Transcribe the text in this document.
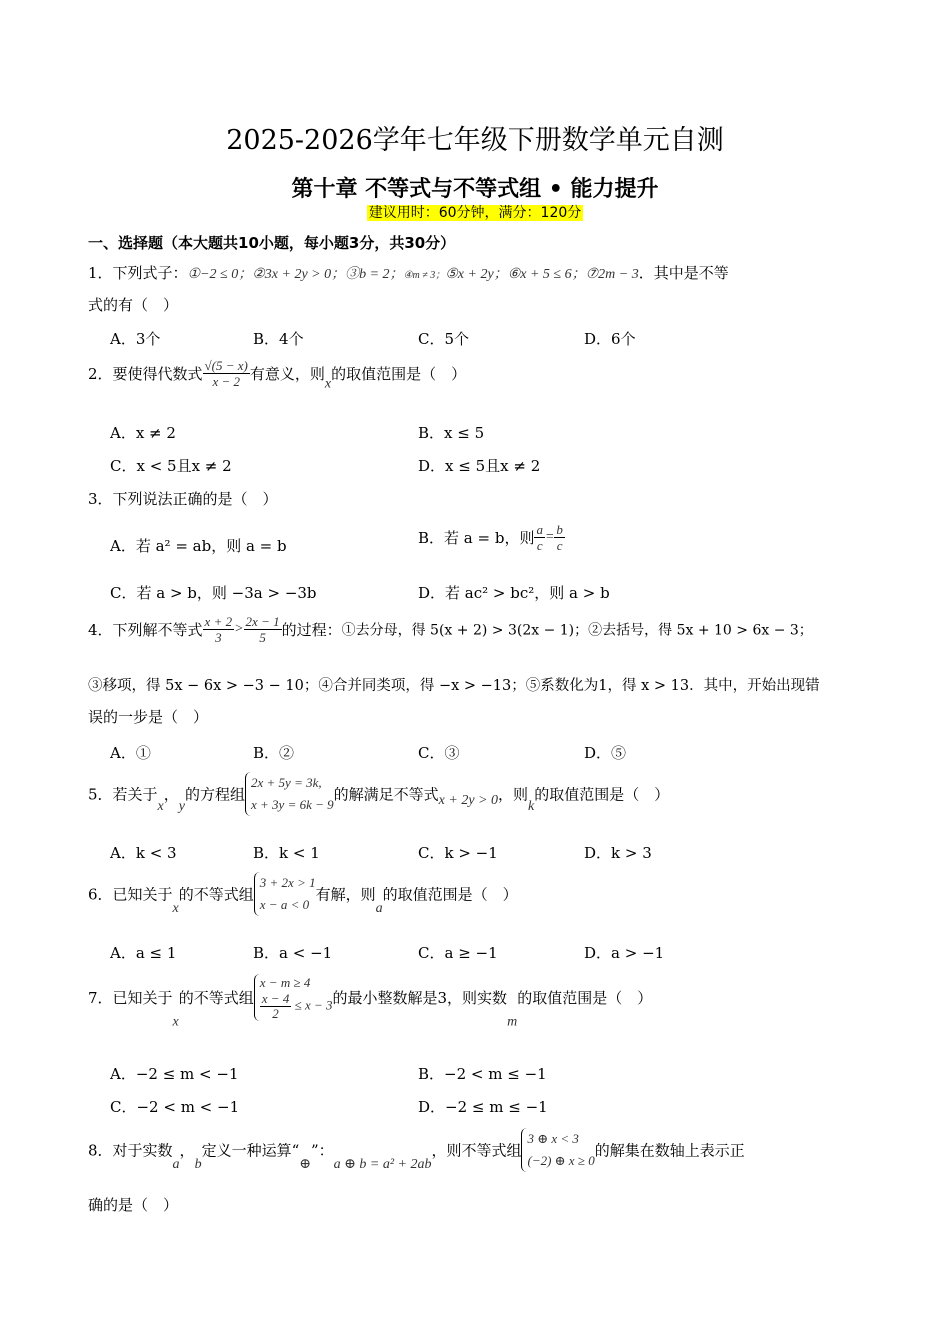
2025-2026学年七年级下册数学单元自测
第十章 不等式与不等式组 • 能力提升
建议用时：60分钟，满分：120分
一、选择题（本大题共10小题，每小题3分，共30分）
1．下列式子：①−2 ≤ 0；②3x + 2y > 0；③b = 2；④m ≠ 3；⑤x + 2y；⑥x + 5 ≤ 6；⑦2m − 3．其中是不等
式的有（　）
A．3个	B．4个	C．5个	D．6个
2．要使得代数式 $\frac{√(5 - x)}{x - 2}$ 有意义，则x的取值范围是（　）
A．x ≠ 2	B．x ≤ 5
C．x < 5且x ≠ 2	D．x ≤ 5且x ≠ 2
3．下列说法正确的是（　）
A．若 a² = ab，则 a = b	B．若 a = b，则 $\frac{a}{c} = \frac{b}{c}$
C．若 a > b，则 −3a > −3b	D．若 ac² > bc²，则 a > b
4．下列解不等式 $\frac{x + 2}{3} > \frac{2x - 1}{5}$ 的过程：①去分母，得 5(x + 2) > 3(2x − 1)；②去括号，得 5x + 10 > 6x − 3；
③移项，得 5x − 6x > −3 − 10；④合并同类项，得 −x > −13；⑤系数化为1，得 x > 13．其中，开始出现错
误的一步是（　）
A．①	B．②	C．③	D．⑤
5．若关于x，y的方程组2x + 5y = 3k,
x + 3y = 6k − 9的解满足不等式x + 2y > 0，则k的取值范围是（　）
A．k < 3	B．k < 1	C．k > −1	D．k > 3
6．已知关于x的不等式组3 + 2x > 1
x − a < 0有解，则a的取值范围是（　）
A．a ≤ 1	B．a < −1	C．a ≥ −1	D．a > −1
7．已知关于x的不等式组x − m ≥ 4

$\frac{x - 4}{2} \le x - 3$的最小整数解是3，则实数m的取值范围是（　）
A．−2 ≤ m < −1	B．−2 < m ≤ −1
C．−2 < m < −1	D．−2 ≤ m ≤ −1
8．对于实数a，b定义一种运算“⊕”：a ⊕ b = a² + 2ab，则不等式组3 ⊕ x < 3
(−2) ⊕ x ≥ 0的解集在数轴上表示正
确的是（　）
